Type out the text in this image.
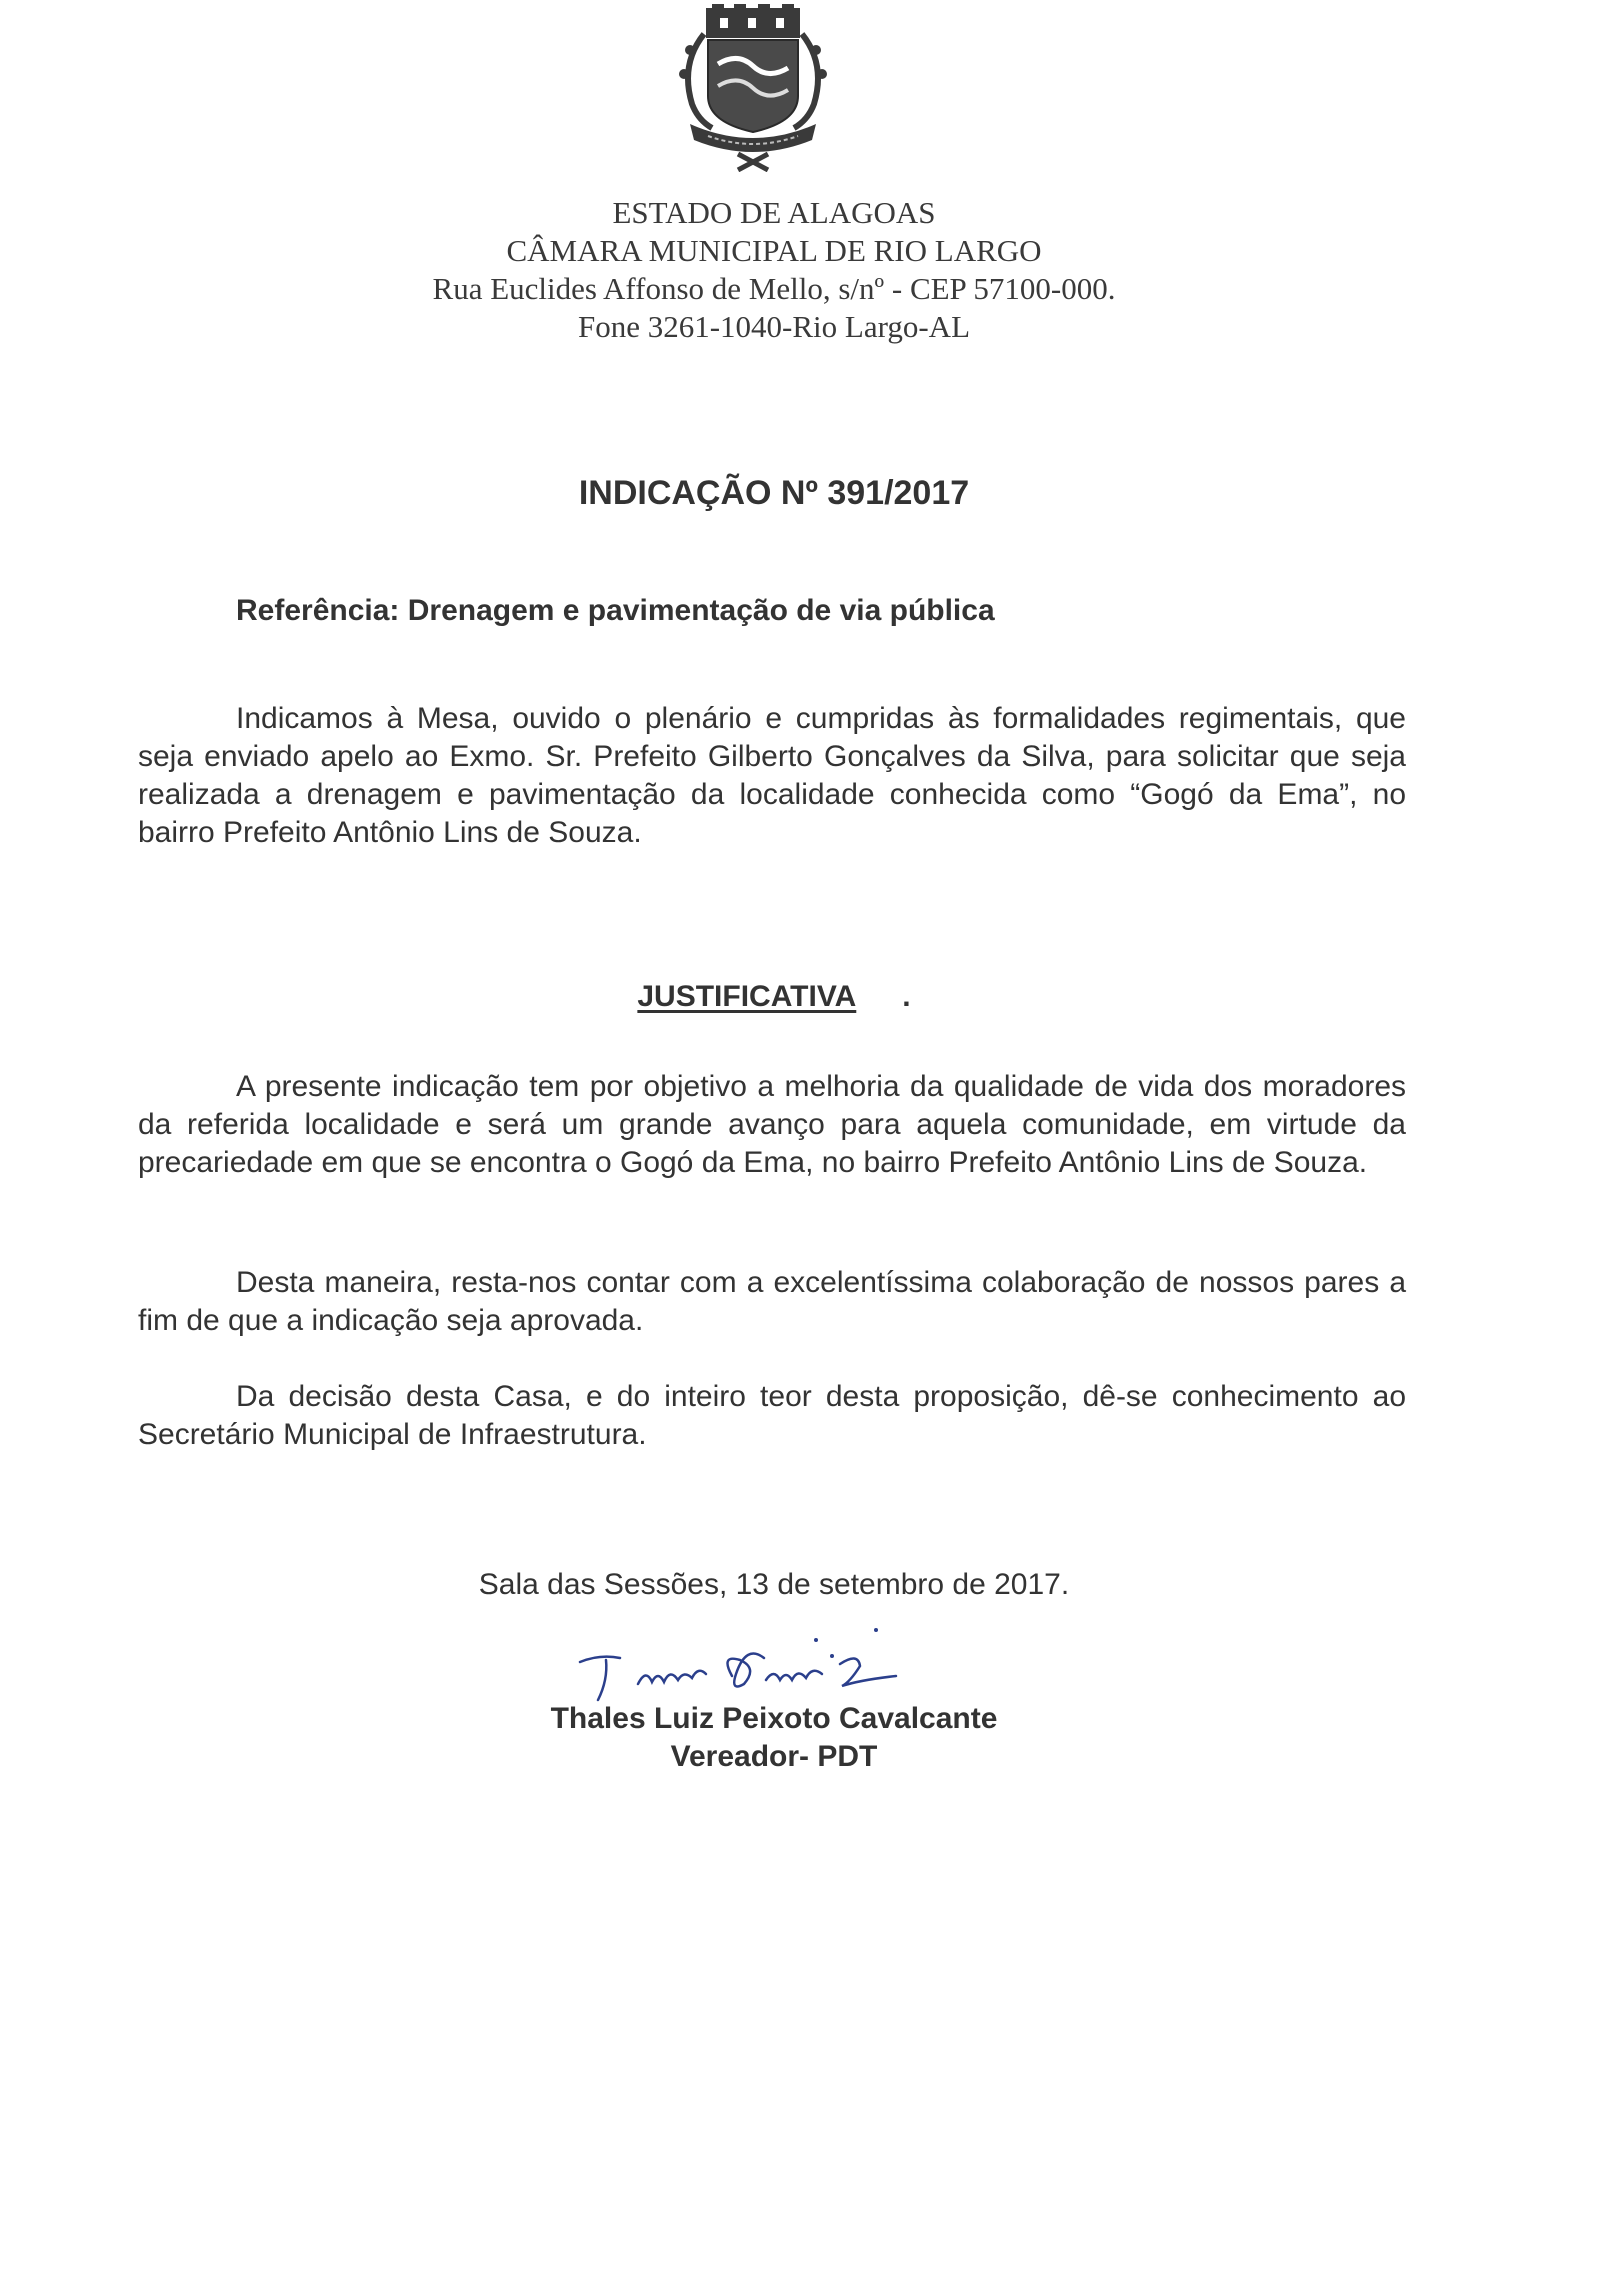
ESTADO DE ALAGOAS
CÂMARA MUNICIPAL DE RIO LARGO
Rua Euclides Affonso de Mello, s/nº - CEP 57100-000.
Fone 3261-1040-Rio Largo-AL
INDICAÇÃO Nº 391/2017
Referência: Drenagem e pavimentação de via pública
Indicamos à Mesa, ouvido o plenário e cumpridas às formalidades regimentais, que seja enviado apelo ao Exmo. Sr. Prefeito Gilberto Gonçalves da Silva, para solicitar que seja realizada a drenagem e pavimentação da localidade conhecida como “Gogó da Ema”, no bairro Prefeito Antônio Lins de Souza.
JUSTIFICATIVA .
A presente indicação tem por objetivo a melhoria da qualidade de vida dos moradores da referida localidade e será um grande avanço para aquela comunidade, em virtude da precariedade em que se encontra o Gogó da Ema, no bairro Prefeito Antônio Lins de Souza.
Desta maneira, resta-nos contar com a excelentíssima colaboração de nossos pares a fim de que a indicação seja aprovada.
Da decisão desta Casa, e do inteiro teor desta proposição, dê-se conhecimento ao Secretário Municipal de Infraestrutura.
Sala das Sessões, 13 de setembro de 2017.
Thales Luiz Peixoto Cavalcante
Vereador- PDT
